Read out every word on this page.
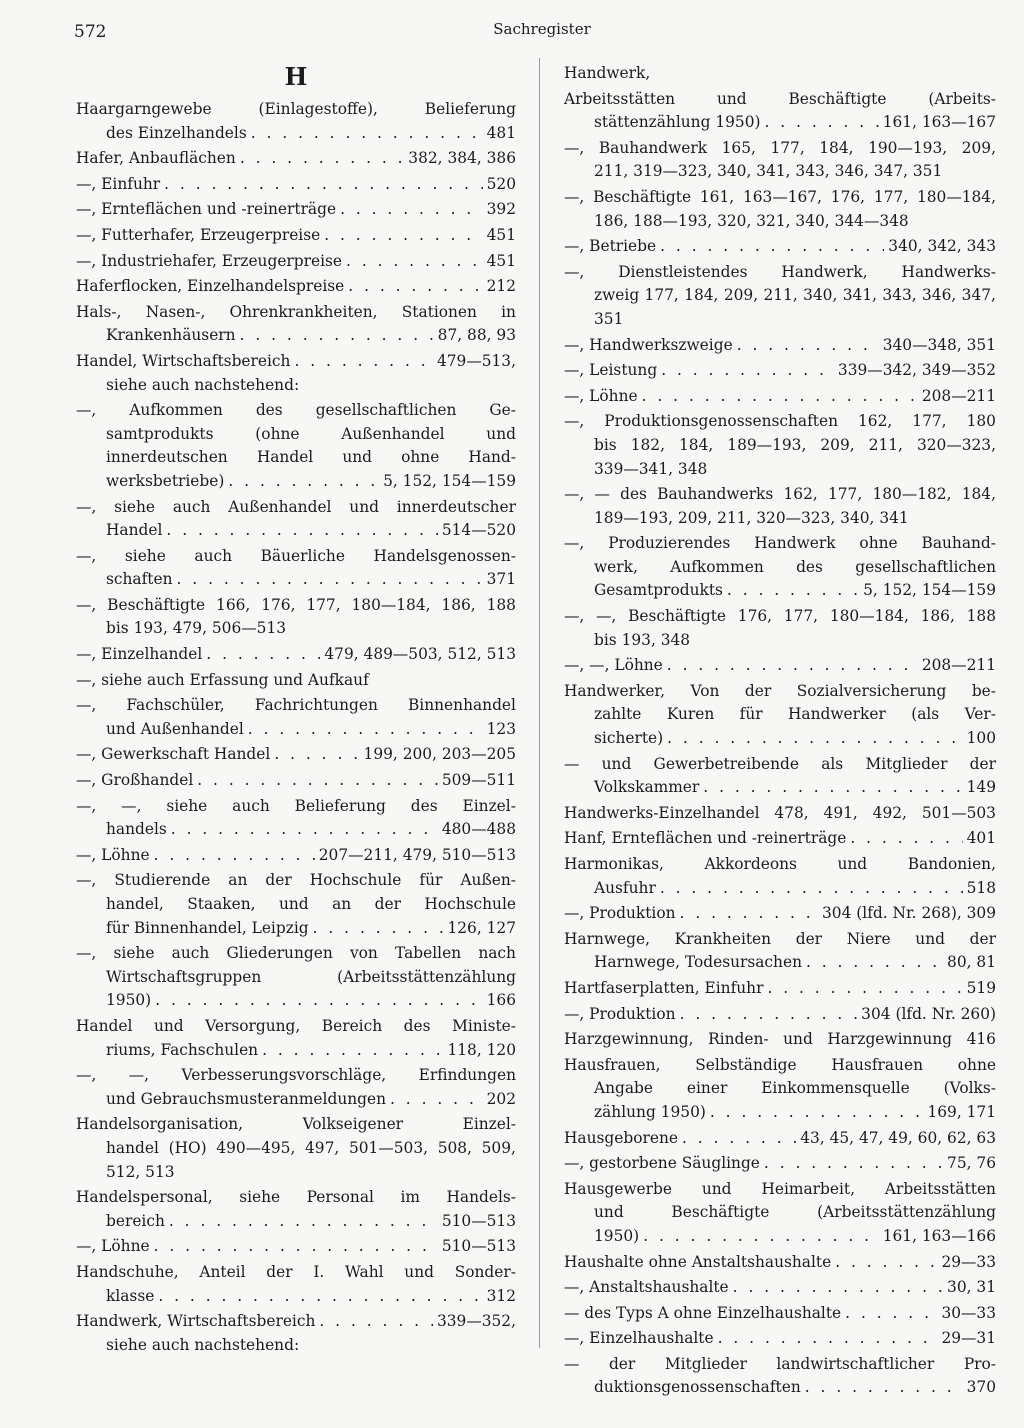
572	Sachregister
H
Haargarngewebe	(Einlagestoffe),	Belieferung
des Einzelhandels . . .	481
Hafer, Anbauflächen . . .	382, 384, 386
—, Einfuhr . . .	520
—, Ernteflächen und -reinerträge . . .	392
—, Futterhafer, Erzeugerpreise . . .	451
—, Industriehafer, Erzeugerpreise . . .	451
Haferflocken, Einzelhandelspreise . . .	212
Hals-, Nasen-, Ohrenkrankheiten, Stationen in
Krankenhäusern . . .	87, 88, 93
Handel, Wirtschaftsbereich . . .	479—513,
siehe auch nachstehend:
—, Aufkommen des gesellschaftlichen Ge-
samtprodukts	(ohne	Außenhandel	und
innerdeutschen Handel und ohne Hand-
werksbetriebe) . . .	5, 152, 154—159
—, siehe auch Außenhandel und innerdeutscher
Handel . . .	514—520
—, siehe auch Bäuerliche Handelsgenossen-
schaften . . .	371
—, Beschäftigte 166, 176, 177, 180—184, 186, 188
bis 193, 479, 506—513
—, Einzelhandel . . .	479, 489—503, 512, 513
—, siehe auch Erfassung und Aufkauf
—, Fachschüler, Fachrichtungen Binnenhandel
und Außenhandel . . .	123
—, Gewerkschaft Handel . . .	199, 200, 203—205
—, Großhandel . . .	509—511
—, —, siehe auch Belieferung des Einzel-
handels . . .	480—488
—, Löhne . . .	207—211, 479, 510—513
—, Studierende an der Hochschule für Außen-
handel, Staaken, und an der Hochschule
für Binnenhandel, Leipzig . . .	126, 127
—, siehe auch Gliederungen von Tabellen nach
Wirtschaftsgruppen	(Arbeitsstättenzählung
1950) . . .	166
Handel und Versorgung, Bereich des Ministe-
riums, Fachschulen . . .	118, 120
—, —, Verbesserungsvorschläge, Erfindungen
und Gebrauchsmusteranmeldungen . . .	202
Handelsorganisation,	Volkseigener	Einzel-
handel (HO) 490—495, 497, 501—503, 508, 509,
512, 513
Handelspersonal, siehe Personal im Handels-
bereich . . .	510—513
—, Löhne . . .	510—513
Handschuhe, Anteil der I. Wahl und Sonder-
klasse . . .	312
Handwerk, Wirtschaftsbereich . . .	339—352,
siehe auch nachstehend:
Handwerk,
Arbeitsstätten	und	Beschäftigte	(Arbeits-
stättenzählung 1950) . . .	161, 163—167
—, Bauhandwerk 165, 177, 184, 190—193, 209,
211, 319—323, 340, 341, 343, 346, 347, 351
—, Beschäftigte 161, 163—167, 176, 177, 180—184,
186, 188—193, 320, 321, 340, 344—348
—, Betriebe . . .	340, 342, 343
—, Dienstleistendes Handwerk, Handwerks-
zweig 177, 184, 209, 211, 340, 341, 343, 346, 347,
351
—, Handwerkszweige . . .	340—348, 351
—, Leistung . . .	339—342, 349—352
—, Löhne . . .	208—211
—, Produktionsgenossenschaften 162, 177, 180
bis 182, 184, 189—193, 209, 211, 320—323,
339—341, 348
—, — des Bauhandwerks 162, 177, 180—182, 184,
189—193, 209, 211, 320—323, 340, 341
—, Produzierendes Handwerk ohne Bauhand-
werk, Aufkommen des gesellschaftlichen
Gesamtprodukts . . .	5, 152, 154—159
—, —, Beschäftigte 176, 177, 180—184, 186, 188
bis 193, 348
—, —, Löhne . . .	208—211
Handwerker, Von der Sozialversicherung be-
zahlte Kuren für Handwerker (als Ver-
sicherte) . . .	100
— und Gewerbetreibende als Mitglieder der
Volkskammer . . .	149
Handwerks-Einzelhandel 478, 491, 492, 501—503
Hanf, Ernteflächen und -reinerträge . . .	401
Harmonikas,	Akkordeons	und	Bandonien,
Ausfuhr . . .	518
—, Produktion . . .	304 (lfd. Nr. 268), 309
Harnwege, Krankheiten der Niere und der
Harnwege, Todesursachen . . .	80, 81
Hartfaserplatten, Einfuhr . . .	519
—, Produktion . . .	304 (lfd. Nr. 260)
Harzgewinnung, Rinden- und Harzgewinnung 416
Hausfrauen, Selbständige Hausfrauen ohne
Angabe einer Einkommensquelle (Volks-
zählung 1950) . . .	169, 171
Hausgeborene . . .	43, 45, 47, 49, 60, 62, 63
—, gestorbene Säuglinge . . .	75, 76
Hausgewerbe und Heimarbeit, Arbeitsstätten
und	Beschäftigte	(Arbeitsstättenzählung
1950) . . .	161, 163—166
Haushalte ohne Anstaltshaushalte . . .	29—33
—, Anstaltshaushalte . . .	30, 31
— des Typs A ohne Einzelhaushalte . . .	30—33
—, Einzelhaushalte . . .	29—31
— der Mitglieder landwirtschaftlicher Pro-
duktionsgenossenschaften . . .	370
